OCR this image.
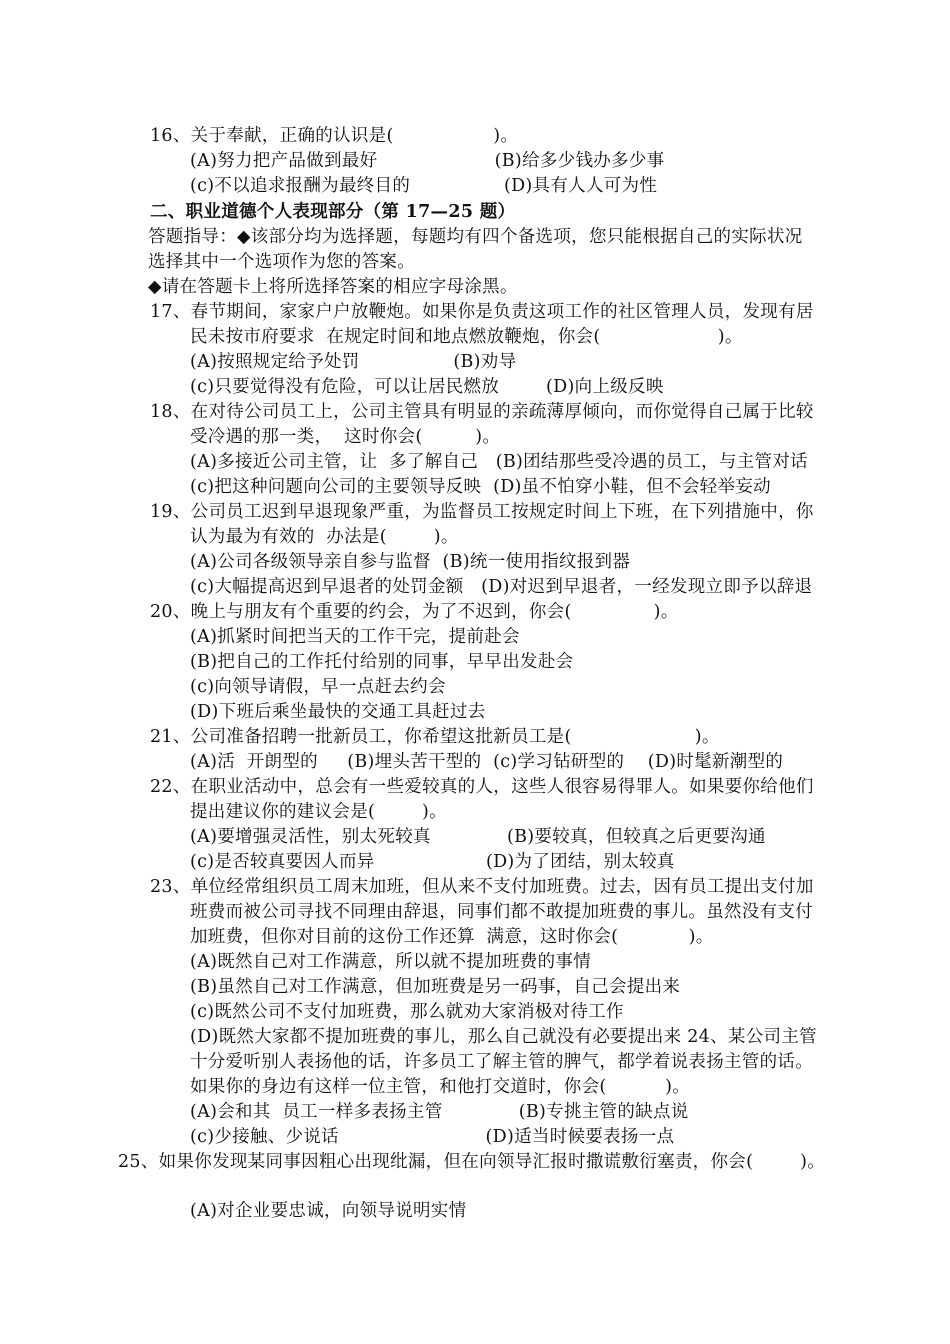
16、关于奉献，正确的认识是(                 )。
(A)努力把产品做到最好                    (B)给多少钱办多少事
(c)不以追求报酬为最终目的                (D)具有人人可为性
二、职业道德个人表现部分（第 17—25 题）
答题指导：◆该部分均为选择题，每题均有四个备选项，您只能根据自己的实际状况
选择其中一个选项作为您的答案。
◆请在答题卡上将所选择答案的相应字母涂黑。
17、春节期间，家家户户放鞭炮。如果你是负责这项工作的社区管理人员，发现有居
民未按市府要求  在规定时间和地点燃放鞭炮，你会(                    )。
(A)按照规定给予处罚                (B)劝导
(c)只要觉得没有危险，可以让居民燃放        (D)向上级反映
18、在对待公司员工上，公司主管具有明显的亲疏薄厚倾向，而你觉得自己属于比较
受冷遇的那一类，  这时你会(         )。
(A)多接近公司主管，让  多了解自己   (B)团结那些受冷遇的员工，与主管对话
(c)把这种问题向公司的主要领导反映  (D)虽不怕穿小鞋，但不会轻举妄动
19、公司员工迟到早退现象严重，为监督员工按规定时间上下班，在下列措施中，你
认为最为有效的  办法是(        )。
(A)公司各级领导亲自参与监督  (B)统一使用指纹报到器
(c)大幅提高迟到早退者的处罚金额   (D)对迟到早退者，一经发现立即予以辞退
20、晚上与朋友有个重要的约会，为了不迟到，你会(              )。
(A)抓紧时间把当天的工作干完，提前赴会
(B)把自己的工作托付给别的同事，早早出发赴会
(c)向领导请假，早一点赶去约会
(D)下班后乘坐最快的交通工具赶过去
21、公司准备招聘一批新员工，你希望这批新员工是(                     )。
(A)活  开朗型的     (B)埋头苦干型的  (c)学习钻研型的    (D)时髦新潮型的
22、在职业活动中，总会有一些爱较真的人，这些人很容易得罪人。如果要你给他们
提出建议你的建议会是(        )。
(A)要增强灵活性，别太死较真             (B)要较真，但较真之后更要沟通
(c)是否较真要因人而异                   (D)为了团结，别太较真
23、单位经常组织员工周末加班，但从来不支付加班费。过去，因有员工提出支付加
班费而被公司寻找不同理由辞退，同事们都不敢提加班费的事儿。虽然没有支付
加班费，但你对目前的这份工作还算  满意，这时你会(            )。
(A)既然自己对工作满意，所以就不提加班费的事情
(B)虽然自己对工作满意，但加班费是另一码事，自己会提出来
(c)既然公司不支付加班费，那么就劝大家消极对待工作
(D)既然大家都不提加班费的事儿，那么自己就没有必要提出来 24、某公司主管
十分爱听别人表扬他的话，许多员工了解主管的脾气，都学着说表扬主管的话。
如果你的身边有这样一位主管，和他打交道时，你会(          )。
(A)会和其  员工一样多表扬主管             (B)专挑主管的缺点说
(c)少接触、少说话                         (D)适当时候要表扬一点
25、如果你发现某同事因粗心出现纰漏，但在向领导汇报时撒谎敷衍塞责，你会(        )。
(A)对企业要忠诚，向领导说明实情
